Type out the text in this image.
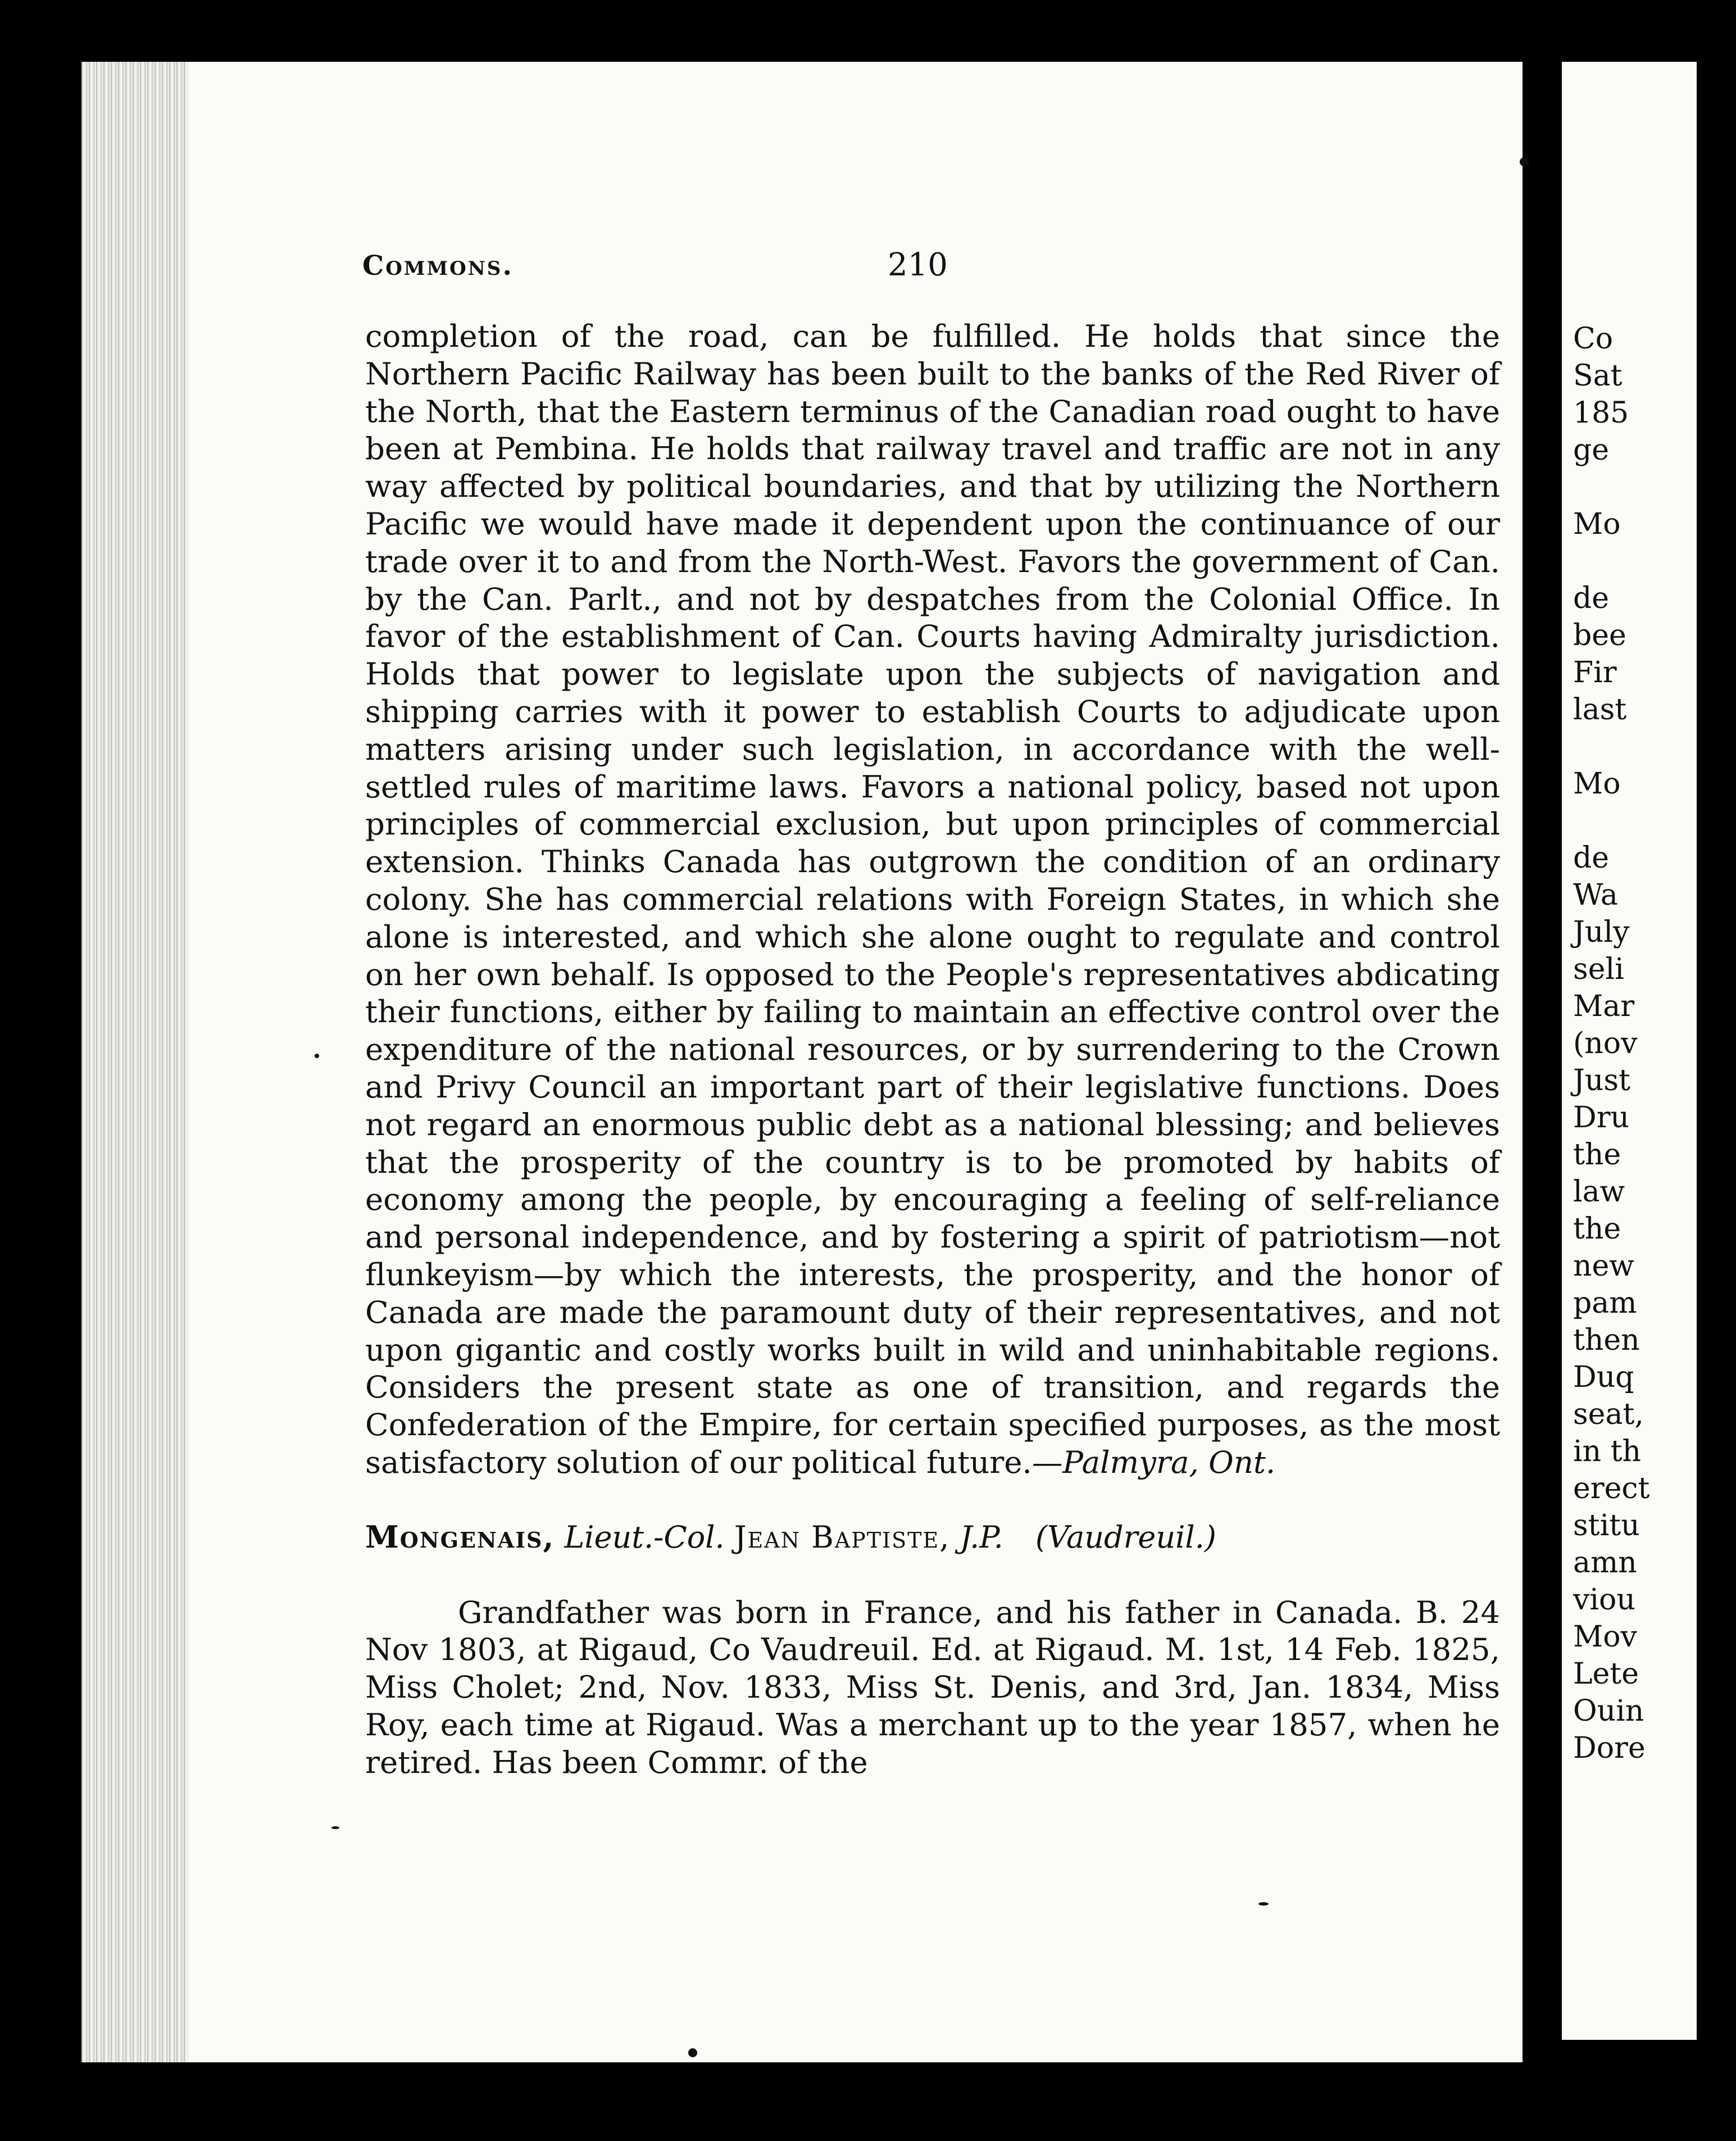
Co
Sat
185
ge
Mo
de
bee
Fir
last
Mo
de
Wa
July
seli
Mar
(nov
Just
Dru
the
law
the
new
pam
then
Duq
seat,
in th
erect
stitu
amn
viou
Mov
Lete
Ouin
Dore
Commons.	210

completion of the road, can be fulfilled. He holds that since the Northern Pacific Railway has been built to the banks of the Red River of the North, that the Eastern terminus of the Canadian road ought to have been at Pembina. He holds that railway travel and traffic are not in any way affected by political boundaries, and that by utilizing the Northern Pacific we would have made it dependent upon the continuance of our trade over it to and from the North-West. Favors the government of Can. by the Can. Parlt., and not by despatches from the Colonial Office. In favor of the establishment of Can. Courts having Admiralty jurisdiction. Holds that power to legislate upon the subjects of navigation and shipping carries with it power to establish Courts to adjudicate upon matters arising under such legislation, in accordance with the well-settled rules of maritime laws. Favors a national policy, based not upon principles of commercial exclusion, but upon principles of commercial extension. Thinks Canada has outgrown the condition of an ordinary colony. She has commercial relations with Foreign States, in which she alone is interested, and which she alone ought to regulate and control on her own behalf. Is opposed to the People's representatives abdicating their functions, either by failing to maintain an effective control over the expenditure of the national resources, or by surrendering to the Crown and Privy Council an important part of their legislative functions. Does not regard an enormous public debt as a national blessing; and believes that the prosperity of the country is to be promoted by habits of economy among the people, by encouraging a feeling of self-reliance and personal independence, and by fostering a spirit of patriotism—not flunkeyism—by which the interests, the prosperity, and the honor of Canada are made the paramount duty of their representatives, and not upon gigantic and costly works built in wild and uninhabitable regions. Considers the present state as one of transition, and regards the Confederation of the Empire, for certain specified purposes, as the most satisfactory solution of our political future.—Palmyra, Ont.

Mongenais, Lieut.-Col. Jean Baptiste, J.P. (Vaudreuil.)

Grandfather was born in France, and his father in Canada. B. 24 Nov 1803, at Rigaud, Co Vaudreuil. Ed. at Rigaud. M. 1st, 14 Feb. 1825, Miss Cholet; 2nd, Nov. 1833, Miss St. Denis, and 3rd, Jan. 1834, Miss Roy, each time at Rigaud. Was a merchant up to the year 1857, when he retired. Has been Commr. of the
